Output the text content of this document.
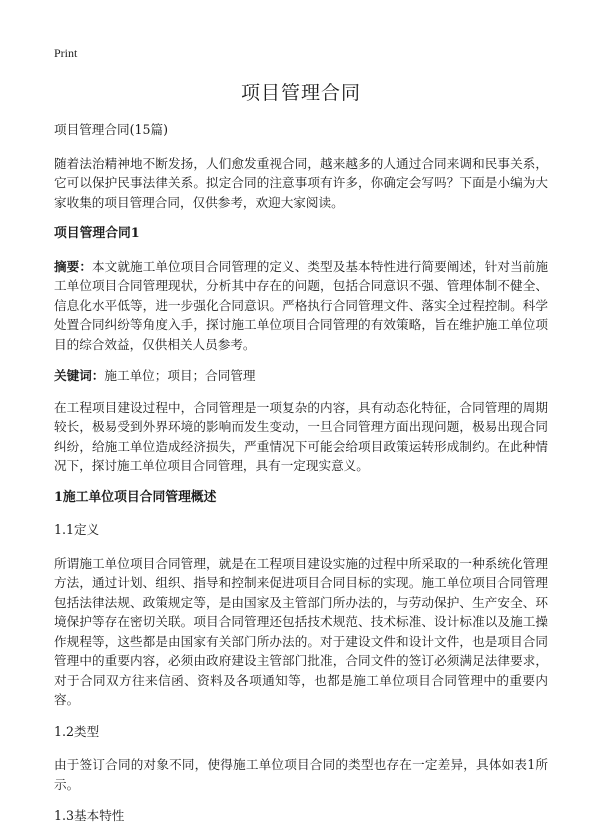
Print
项目管理合同

项目管理合同(15篇)

随着法治精神地不断发扬，人们愈发重视合同，越来越多的人通过合同来调和民事关系，它可以保护民事法律关系。拟定合同的注意事项有许多，你确定会写吗？下面是小编为大家收集的项目管理合同，仅供参考，欢迎大家阅读。

项目管理合同1

摘要：本文就施工单位项目合同管理的定义、类型及基本特性进行简要阐述，针对当前施工单位项目合同管理现状，分析其中存在的问题，包括合同意识不强、管理体制不健全、信息化水平低等，进一步强化合同意识。严格执行合同管理文件、落实全过程控制。科学处置合同纠纷等角度入手，探讨施工单位项目合同管理的有效策略，旨在维护施工单位项目的综合效益，仅供相关人员参考。

关键词：施工单位；项目；合同管理

在工程项目建设过程中，合同管理是一项复杂的内容，具有动态化特征，合同管理的周期较长，极易受到外界环境的影响而发生变动，一旦合同管理方面出现问题，极易出现合同纠纷，给施工单位造成经济损失，严重情况下可能会给项目政策运转形成制约。在此种情况下，探讨施工单位项目合同管理，具有一定现实意义。

1施工单位项目合同管理概述

1.1定义

所谓施工单位项目合同管理，就是在工程项目建设实施的过程中所采取的一种系统化管理方法，通过计划、组织、指导和控制来促进项目合同目标的实现。施工单位项目合同管理包括法律法规、政策规定等，是由国家及主管部门所办法的，与劳动保护、生产安全、环境保护等存在密切关联。项目合同管理还包括技术规范、技术标准、设计标准以及施工操作规程等，这些都是由国家有关部门所办法的。对于建设文件和设计文件，也是项目合同管理中的重要内容，必须由政府建设主管部门批准，合同文件的签订必须满足法律要求，对于合同双方往来信函、资料及各项通知等，也都是施工单位项目合同管理中的重要内容。

1.2类型

由于签订合同的对象不同，使得施工单位项目合同的类型也存在一定差异，具体如表1所示。

1.3基本特性
